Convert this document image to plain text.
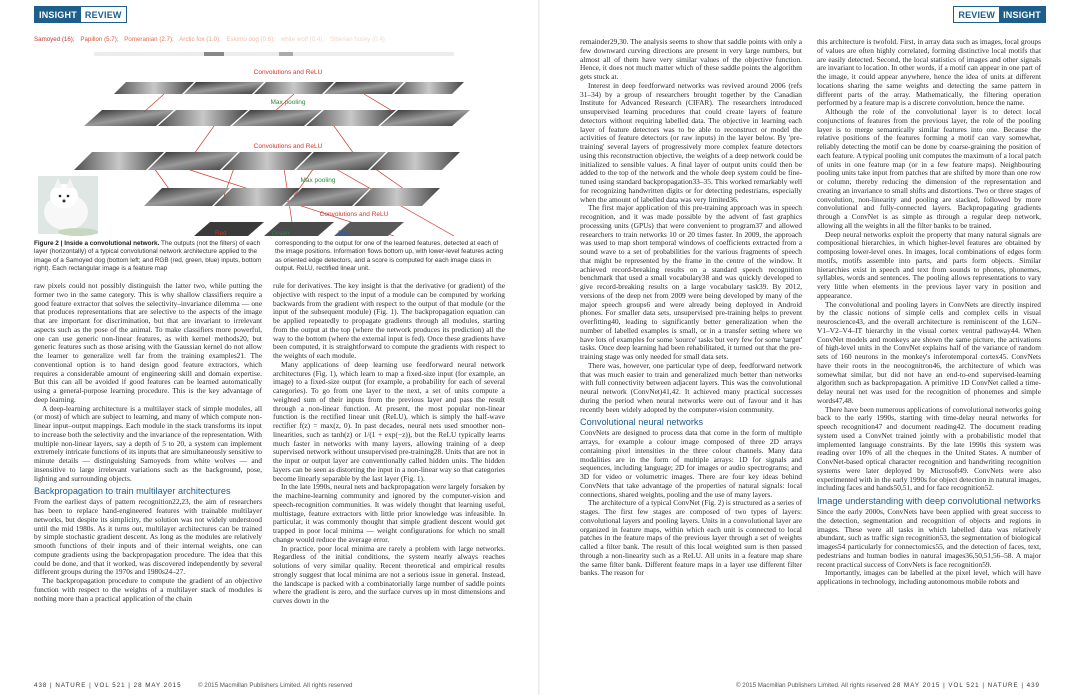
INSIGHT REVIEW
Samoyed (16); Papillon (5.7); Pomeranian (2.7); Arctic fox (1.0); Eskimo dog (0.6); white wolf (0.4); Siberian husky (0.4)
Convolutions and ReLU
Max pooling
Convolutions and ReLU
Max pooling
Convolutions and ReLU
Red	Green	Blue
Figure 2 | Inside a convolutional network. The outputs (not the filters) of each layer (horizontally) of a typical convolutional network architecture applied to the image of a Samoyed dog (bottom left; and RGB (red, green, blue) inputs, bottom right). Each rectangular image is a feature map
corresponding to the output for one of the learned features, detected at each of the image positions. Information flows bottom up, with lower-level features acting as oriented edge detectors, and a score is computed for each image class in output. ReLU, rectified linear unit.

raw pixels could not possibly distinguish the latter two, while putting the former two in the same category. This is why shallow classifiers require a good feature extractor that solves the selectivity–invariance dilemma — one that produces representations that are selective to the aspects of the image that are important for discrimination, but that are invariant to irrelevant aspects such as the pose of the animal. To make classifiers more powerful, one can use generic non-linear features, as with kernel methods20, but generic features such as those arising with the Gaussian kernel do not allow the learner to generalize well far from the training examples21. The conventional option is to hand design good feature extractors, which requires a considerable amount of engineering skill and domain expertise. But this can all be avoided if good features can be learned automatically using a general-purpose learning procedure. This is the key advantage of deep learning.

A deep-learning architecture is a multilayer stack of simple modules, all (or most) of which are subject to learning, and many of which compute non-linear input–output mappings. Each module in the stack transforms its input to increase both the selectivity and the invariance of the representation. With multiple non-linear layers, say a depth of 5 to 20, a system can implement extremely intricate functions of its inputs that are simultaneously sensitive to minute details — distinguishing Samoyeds from white wolves — and insensitive to large irrelevant variations such as the background, pose, lighting and surrounding objects.

Backpropagation to train multilayer architectures

From the earliest days of pattern recognition22,23, the aim of researchers has been to replace hand-engineered features with trainable multilayer networks, but despite its simplicity, the solution was not widely understood until the mid 1980s. As it turns out, multilayer architectures can be trained by simple stochastic gradient descent. As long as the modules are relatively smooth functions of their inputs and of their internal weights, one can compute gradients using the backpropagation procedure. The idea that this could be done, and that it worked, was discovered independently by several different groups during the 1970s and 1980s24–27.

The backpropagation procedure to compute the gradient of an objective function with respect to the weights of a multilayer stack of modules is nothing more than a practical application of the chain

rule for derivatives. The key insight is that the derivative (or gradient) of the objective with respect to the input of a module can be computed by working backwards from the gradient with respect to the output of that module (or the input of the subsequent module) (Fig. 1). The backpropagation equation can be applied repeatedly to propagate gradients through all modules, starting from the output at the top (where the network produces its prediction) all the way to the bottom (where the external input is fed). Once these gradients have been computed, it is straightforward to compute the gradients with respect to the weights of each module.

Many applications of deep learning use feedforward neural network architectures (Fig. 1), which learn to map a fixed-size input (for example, an image) to a fixed-size output (for example, a probability for each of several categories). To go from one layer to the next, a set of units compute a weighted sum of their inputs from the previous layer and pass the result through a non-linear function. At present, the most popular non-linear function is the rectified linear unit (ReLU), which is simply the half-wave rectifier f(z) = max(z, 0). In past decades, neural nets used smoother non-linearities, such as tanh(z) or 1/(1 + exp(−z)), but the ReLU typically learns much faster in networks with many layers, allowing training of a deep supervised network without unsupervised pre-training28. Units that are not in the input or output layer are conventionally called hidden units. The hidden layers can be seen as distorting the input in a non-linear way so that categories become linearly separable by the last layer (Fig. 1).

In the late 1990s, neural nets and backpropagation were largely forsaken by the machine-learning community and ignored by the computer-vision and speech-recognition communities. It was widely thought that learning useful, multistage, feature extractors with little prior knowledge was infeasible. In particular, it was commonly thought that simple gradient descent would get trapped in poor local minima — weight configurations for which no small change would reduce the average error.

In practice, poor local minima are rarely a problem with large networks. Regardless of the initial conditions, the system nearly always reaches solutions of very similar quality. Recent theoretical and empirical results strongly suggest that local minima are not a serious issue in general. Instead, the landscape is packed with a combinatorially large number of saddle points where the gradient is zero, and the surface curves up in most dimensions and curves down in the

438 | NATURE | VOL 521 | 28 MAY 2015	© 2015 Macmillan Publishers Limited. All rights reserved
REVIEW INSIGHT

remainder29,30. The analysis seems to show that saddle points with only a few downward curving directions are present in very large numbers, but almost all of them have very similar values of the objective function. Hence, it does not much matter which of these saddle points the algorithm gets stuck at.

Interest in deep feedforward networks was revived around 2006 (refs 31–34) by a group of researchers brought together by the Canadian Institute for Advanced Research (CIFAR). The researchers introduced unsupervised learning procedures that could create layers of feature detectors without requiring labelled data. The objective in learning each layer of feature detectors was to be able to reconstruct or model the activities of feature detectors (or raw inputs) in the layer below. By 'pre-training' several layers of progressively more complex feature detectors using this reconstruction objective, the weights of a deep network could be initialized to sensible values. A final layer of output units could then be added to the top of the network and the whole deep system could be fine-tuned using standard backpropagation33–35. This worked remarkably well for recognizing handwritten digits or for detecting pedestrians, especially when the amount of labelled data was very limited36.

The first major application of this pre-training approach was in speech recognition, and it was made possible by the advent of fast graphics processing units (GPUs) that were convenient to program37 and allowed researchers to train networks 10 or 20 times faster. In 2009, the approach was used to map short temporal windows of coefficients extracted from a sound wave to a set of probabilities for the various fragments of speech that might be represented by the frame in the centre of the window. It achieved record-breaking results on a standard speech recognition benchmark that used a small vocabulary38 and was quickly developed to give record-breaking results on a large vocabulary task39. By 2012, versions of the deep net from 2009 were being developed by many of the major speech groups6 and were already being deployed in Android phones. For smaller data sets, unsupervised pre-training helps to prevent overfitting40, leading to significantly better generalization when the number of labelled examples is small, or in a transfer setting where we have lots of examples for some 'source' tasks but very few for some 'target' tasks. Once deep learning had been rehabilitated, it turned out that the pre-training stage was only needed for small data sets.

There was, however, one particular type of deep, feedforward network that was much easier to train and generalized much better than networks with full connectivity between adjacent layers. This was the convolutional neural network (ConvNet)41,42. It achieved many practical successes during the period when neural networks were out of favour and it has recently been widely adopted by the computer-vision community.

Convolutional neural networks

ConvNets are designed to process data that come in the form of multiple arrays, for example a colour image composed of three 2D arrays containing pixel intensities in the three colour channels. Many data modalities are in the form of multiple arrays: 1D for signals and sequences, including language; 2D for images or audio spectrograms; and 3D for video or volumetric images. There are four key ideas behind ConvNets that take advantage of the properties of natural signals: local connections, shared weights, pooling and the use of many layers.

The architecture of a typical ConvNet (Fig. 2) is structured as a series of stages. The first few stages are composed of two types of layers: convolutional layers and pooling layers. Units in a convolutional layer are organized in feature maps, within which each unit is connected to local patches in the feature maps of the previous layer through a set of weights called a filter bank. The result of this local weighted sum is then passed through a non-linearity such as a ReLU. All units in a feature map share the same filter bank. Different feature maps in a layer use different filter banks. The reason for

this architecture is twofold. First, in array data such as images, local groups of values are often highly correlated, forming distinctive local motifs that are easily detected. Second, the local statistics of images and other signals are invariant to location. In other words, if a motif can appear in one part of the image, it could appear anywhere, hence the idea of units at different locations sharing the same weights and detecting the same pattern in different parts of the array. Mathematically, the filtering operation performed by a feature map is a discrete convolution, hence the name.

Although the role of the convolutional layer is to detect local conjunctions of features from the previous layer, the role of the pooling layer is to merge semantically similar features into one. Because the relative positions of the features forming a motif can vary somewhat, reliably detecting the motif can be done by coarse-graining the position of each feature. A typical pooling unit computes the maximum of a local patch of units in one feature map (or in a few feature maps). Neighbouring pooling units take input from patches that are shifted by more than one row or column, thereby reducing the dimension of the representation and creating an invariance to small shifts and distortions. Two or three stages of convolution, non-linearity and pooling are stacked, followed by more convolutional and fully-connected layers. Backpropagating gradients through a ConvNet is as simple as through a regular deep network, allowing all the weights in all the filter banks to be trained.

Deep neural networks exploit the property that many natural signals are compositional hierarchies, in which higher-level features are obtained by composing lower-level ones. In images, local combinations of edges form motifs, motifs assemble into parts, and parts form objects. Similar hierarchies exist in speech and text from sounds to phones, phonemes, syllables, words and sentences. The pooling allows representations to vary very little when elements in the previous layer vary in position and appearance.

The convolutional and pooling layers in ConvNets are directly inspired by the classic notions of simple cells and complex cells in visual neuroscience43, and the overall architecture is reminiscent of the LGN–V1–V2–V4–IT hierarchy in the visual cortex ventral pathway44. When ConvNet models and monkeys are shown the same picture, the activations of high-level units in the ConvNet explains half of the variance of random sets of 160 neurons in the monkey's inferotemporal cortex45. ConvNets have their roots in the neocognitron46, the architecture of which was somewhat similar, but did not have an end-to-end supervised-learning algorithm such as backpropagation. A primitive 1D ConvNet called a time-delay neural net was used for the recognition of phonemes and simple words47,48.

There have been numerous applications of convolutional networks going back to the early 1990s, starting with time-delay neural networks for speech recognition47 and document reading42. The document reading system used a ConvNet trained jointly with a probabilistic model that implemented language constraints. By the late 1990s this system was reading over 10% of all the cheques in the United States. A number of ConvNet-based optical character recognition and handwriting recognition systems were later deployed by Microsoft49. ConvNets were also experimented with in the early 1990s for object detection in natural images, including faces and hands50,51, and for face recognition52.

Image understanding with deep convolutional networks

Since the early 2000s, ConvNets have been applied with great success to the detection, segmentation and recognition of objects and regions in images. These were all tasks in which labelled data was relatively abundant, such as traffic sign recognition53, the segmentation of biological images54 particularly for connectomics55, and the detection of faces, text, pedestrians and human bodies in natural images36,50,51,56–58. A major recent practical success of ConvNets is face recognition59.

Importantly, images can be labelled at the pixel level, which will have applications in technology, including autonomous mobile robots and

28 MAY 2015 | VOL 521 | NATURE | 439
© 2015 Macmillan Publishers Limited. All rights reserved
